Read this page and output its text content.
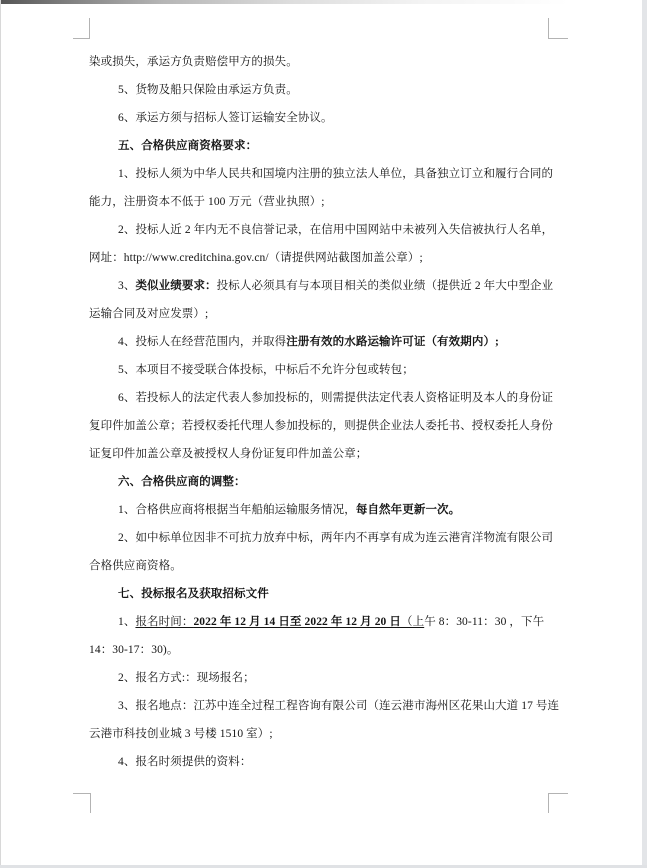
染或损失，承运方负责赔偿甲方的损失。
5、货物及船只保险由承运方负责。
6、承运方须与招标人签订运输安全协议。
五、合格供应商资格要求：
1、投标人须为中华人民共和国境内注册的独立法人单位，具备独立订立和履行合同的
能力，注册资本不低于 100 万元（营业执照）;
2、投标人近 2 年内无不良信誉记录，在信用中国网站中未被列入失信被执行人名单，
网址：http://www.creditchina.gov.cn/（请提供网站截图加盖公章）;
3、类似业绩要求：投标人必须具有与本项目相关的类似业绩（提供近 2 年大中型企业
运输合同及对应发票）;
4、投标人在经营范围内，并取得注册有效的水路运输许可证（有效期内）;
5、本项目不接受联合体投标，中标后不允许分包或转包；
6、若投标人的法定代表人参加投标的，则需提供法定代表人资格证明及本人的身份证
复印件加盖公章；若授权委托代理人参加投标的，则提供企业法人委托书、授权委托人身份
证复印件加盖公章及被授权人身份证复印件加盖公章；
六、合格供应商的调整：
1、合格供应商将根据当年船舶运输服务情况，每自然年更新一次。
2、如中标单位因非不可抗力放弃中标，两年内不再享有成为连云港宵洋物流有限公司
合格供应商资格。
七、投标报名及获取招标文件
1、报名时间：2022 年 12 月 14 日至 2022 年 12 月 20 日（上午 8：30-11：30 ，下午
14：30-17：30)。
2、报名方式:：现场报名；
3、报名地点：江苏中连全过程工程咨询有限公司（连云港市海州区花果山大道 17 号连
云港市科技创业城 3 号楼 1510 室）;
4、报名时须提供的资料：
